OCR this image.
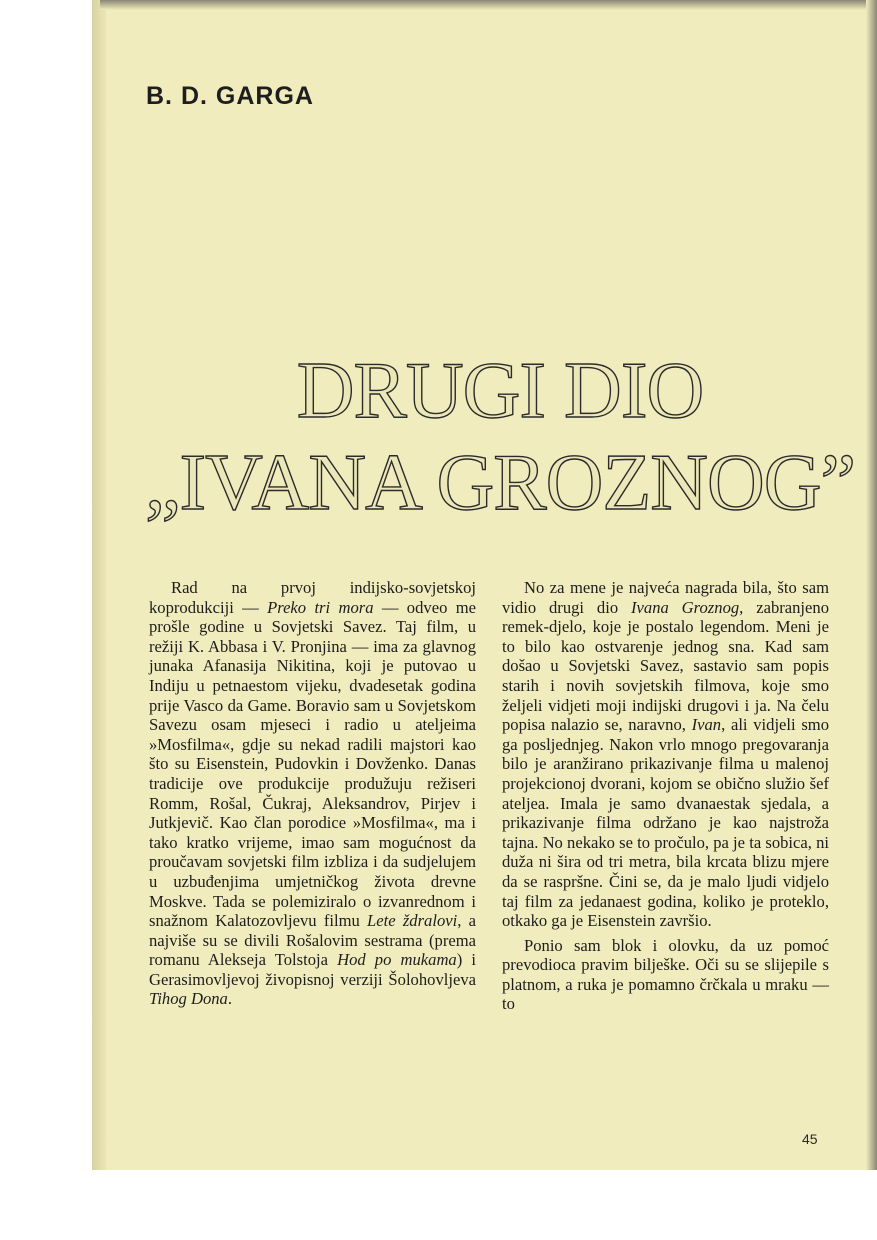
B. D. GARGA
DRUGI DIO
„IVANA GROZNOG”

Rad na prvoj indijsko-sovjetskoj koprodukciji — Preko tri mora — odveo me prošle godine u Sovjetski Savez. Taj film, u režiji K. Abbasa i V. Pronjina — ima za glavnog junaka Afanasija Nikitina, koji je putovao u Indiju u petnaestom vijeku, dvadesetak godina prije Vasco da Game. Boravio sam u Sovjetskom Savezu osam mjeseci i radio u ateljeima »Mosfilma«, gdje su nekad radili majstori kao što su Eisenstein, Pudovkin i Dovženko. Danas tradicije ove produkcije produžuju režiseri Romm, Rošal, Čukraj, Aleksandrov, Pirjev i Jutkjevič. Kao član porodice »Mosfilma«, ma i tako kratko vrijeme, imao sam mogućnost da proučavam sovjetski film izbliza i da sudjelujem u uzbuđenjima umjetničkog života drevne Moskve. Tada se polemiziralo o izvanrednom i snažnom Kalatozovljevu filmu Lete ždralovi, a najviše su se divili Rošalovim sestrama (prema romanu Alekseja Tolstoja Hod po mukama) i Gerasimovljevoj živopisnoj verziji Šolohovljeva Tihog Dona.

No za mene je najveća nagrada bila, što sam vidio drugi dio Ivana Groznog, zabranjeno remek-djelo, koje je postalo legendom. Meni je to bilo kao ostvarenje jednog sna. Kad sam došao u Sovjetski Savez, sastavio sam popis starih i novih sovjetskih filmova, koje smo željeli vidjeti moji indijski drugovi i ja. Na čelu popisa nalazio se, naravno, Ivan, ali vidjeli smo ga posljednjeg. Nakon vrlo mnogo pregovaranja bilo je aranžirano prikazivanje filma u malenoj projekcionoj dvorani, kojom se obično služio šef ateljea. Imala je samo dvanaestak sjedala, a prikazivanje filma održano je kao najstroža tajna. No nekako se to pročulo, pa je ta sobica, ni duža ni šira od tri metra, bila krcata blizu mjere da se raspršne. Čini se, da je malo ljudi vidjelo taj film za jedanaest godina, koliko je proteklo, otkako ga je Eisenstein završio.

Ponio sam blok i olovku, da uz pomoć prevodioca pravim bilješke. Oči su se slijepile s platnom, a ruka je pomamno črčkala u mraku — to

45
